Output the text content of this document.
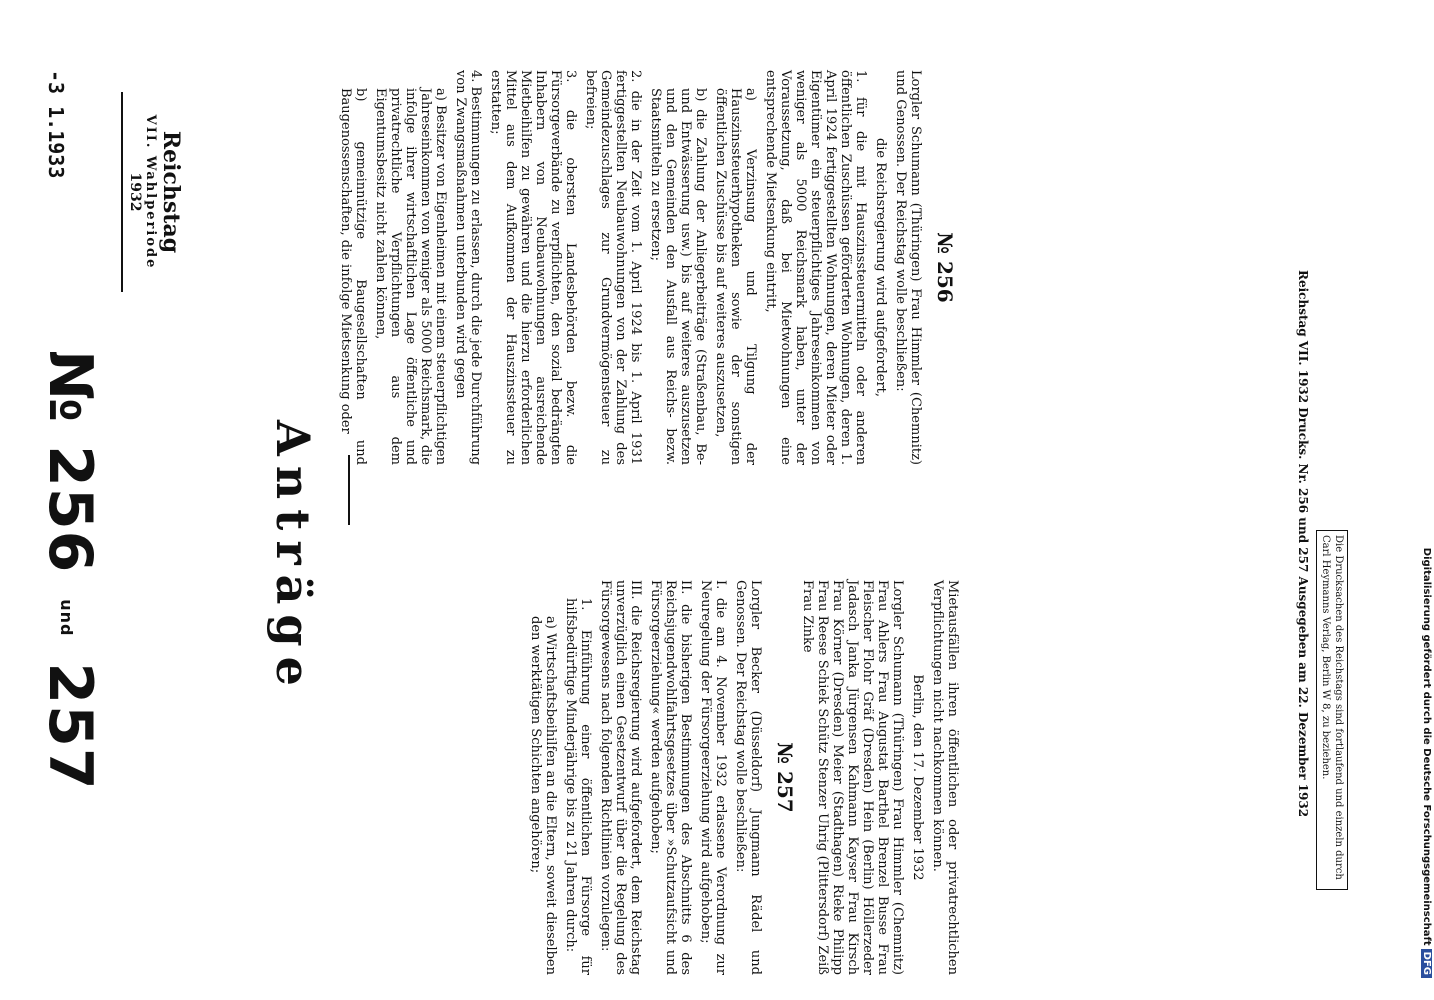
№ 256 und 257
-3 1.1933
Reichstag
VII. Wahlperiode
1932
Anträge
№ 256

Lorgler Schumann (Thüringen) Frau Himmler (Chemnitz) und Genossen. Der Reichstag wolle beschließen:

die Reichsregierung wird aufgefordert,

1. für die mit Hauszinssteuermitteln oder anderen öffentlichen Zuschüssen geförderten Wohnungen, deren 1. April 1924 fertiggestellten Wohnungen, deren Mieter oder Eigentümer ein steuerpflichtiges Jahreseinkommen von weniger als 5000 Reichsmark haben, unter der Voraussetzung, daß bei Mietwohnungen eine entsprechende Mietsenkung eintritt,

a) Verzinsung und Tilgung der Hauszinssteuerhypotheken sowie der sonstigen öffentlichen Zuschüsse bis auf weiteres auszusetzen,

b) die Zahlung der Anliegerbeiträge (Straßenbau, Be- und Entwässerung usw.) bis auf weiteres auszusetzen und den Gemeinden den Ausfall aus Reichs- bezw. Staatsmitteln zu ersetzen;

2. die in der Zeit vom 1. April 1924 bis 1. April 1931 fertiggestellten Neubauwohnungen von der Zahlung des Gemeindezuschlages zur Grundvermögensteuer zu befreien;

3. die obersten Landesbehörden bezw. die Fürsorgeverbände zu verpflichten, den sozial bedrängten Inhabern von Neubauwohnungen ausreichende Mietbeihilfen zu gewähren und die hierzu erforderlichen Mittel aus dem Aufkommen der Hauszinssteuer zu erstatten;

4. Bestimmungen zu erlassen, durch die jede Durchführung von Zwangsmaßnahmen unterbunden wird gegen

a) Besitzer von Eigenheimen mit einem steuerpflichtigen Jahreseinkommen von weniger als 5000 Reichsmark, die infolge ihrer wirtschaftlichen Lage öffentliche und privatrechtliche Verpflichtungen aus dem Eigentumsbesitz nicht zahlen können,

b) gemeinnützige Baugesellschaften und Baugenossenschaften, die infolge Mietsenkung oder

Mietausfällen ihren öffentlichen oder privatrechtlichen Verpflichtungen nicht nachkommen können.

Berlin, den 17. Dezember 1932

Lorgler Schumann (Thüringen) Frau Himmler (Chemnitz) Frau Ahlers Frau Augustat Barthel Brenzel Busse Frau Fleischer Flohr Gräf (Dresden) Hein (Berlin) Höllerzeder Jadasch Janka Jürgensen Kahmann Kayser Frau Kirsch Frau Körner (Dresden) Meier (Stadthagen) Rieke Philipp Frau Reese Schiek Schütz Stenzer Uhrig (Plittersdorf) Zeiß Frau Zinke

№ 257

Lorgler Becker (Düsseldorf) Jungmann Rädel und Genossen. Der Reichstag wolle beschließen:

I. die am 4. November 1932 erlassene Verordnung zur Neuregelung der Fürsorgeerziehung wird aufgehoben;

II. die bisherigen Bestimmungen des Abschnitts 6 des Reichsjugendwohlfahrtsgesetzes über »Schutzaufsicht und Fürsorgeerziehung« werden aufgehoben;

III. die Reichsregierung wird aufgefordert, dem Reichstag unverzüglich einen Gesetzentwurf über die Regelung des Fürsorgewesens nach folgenden Richtlinien vorzulegen:

1. Einführung einer öffentlichen Fürsorge für hilfsbedürftige Minderjährige bis zu 21 Jahren durch:

a) Wirtschaftsbeihilfen an die Eltern, soweit dieselben den werktätigen Schichten angehören;	Reichstag VII. 1932 Drucks. Nr. 256 und 257 Ausgegeben am 22. Dezember 1932	Die Drucksachen des Reichstags sind fortlaufend und einzeln durch Carl Heymanns Verlag, Berlin W 8, zu beziehen.	Digitalisierung gefördert durch die Deutsche ForschungsgemeinschaftDFG
